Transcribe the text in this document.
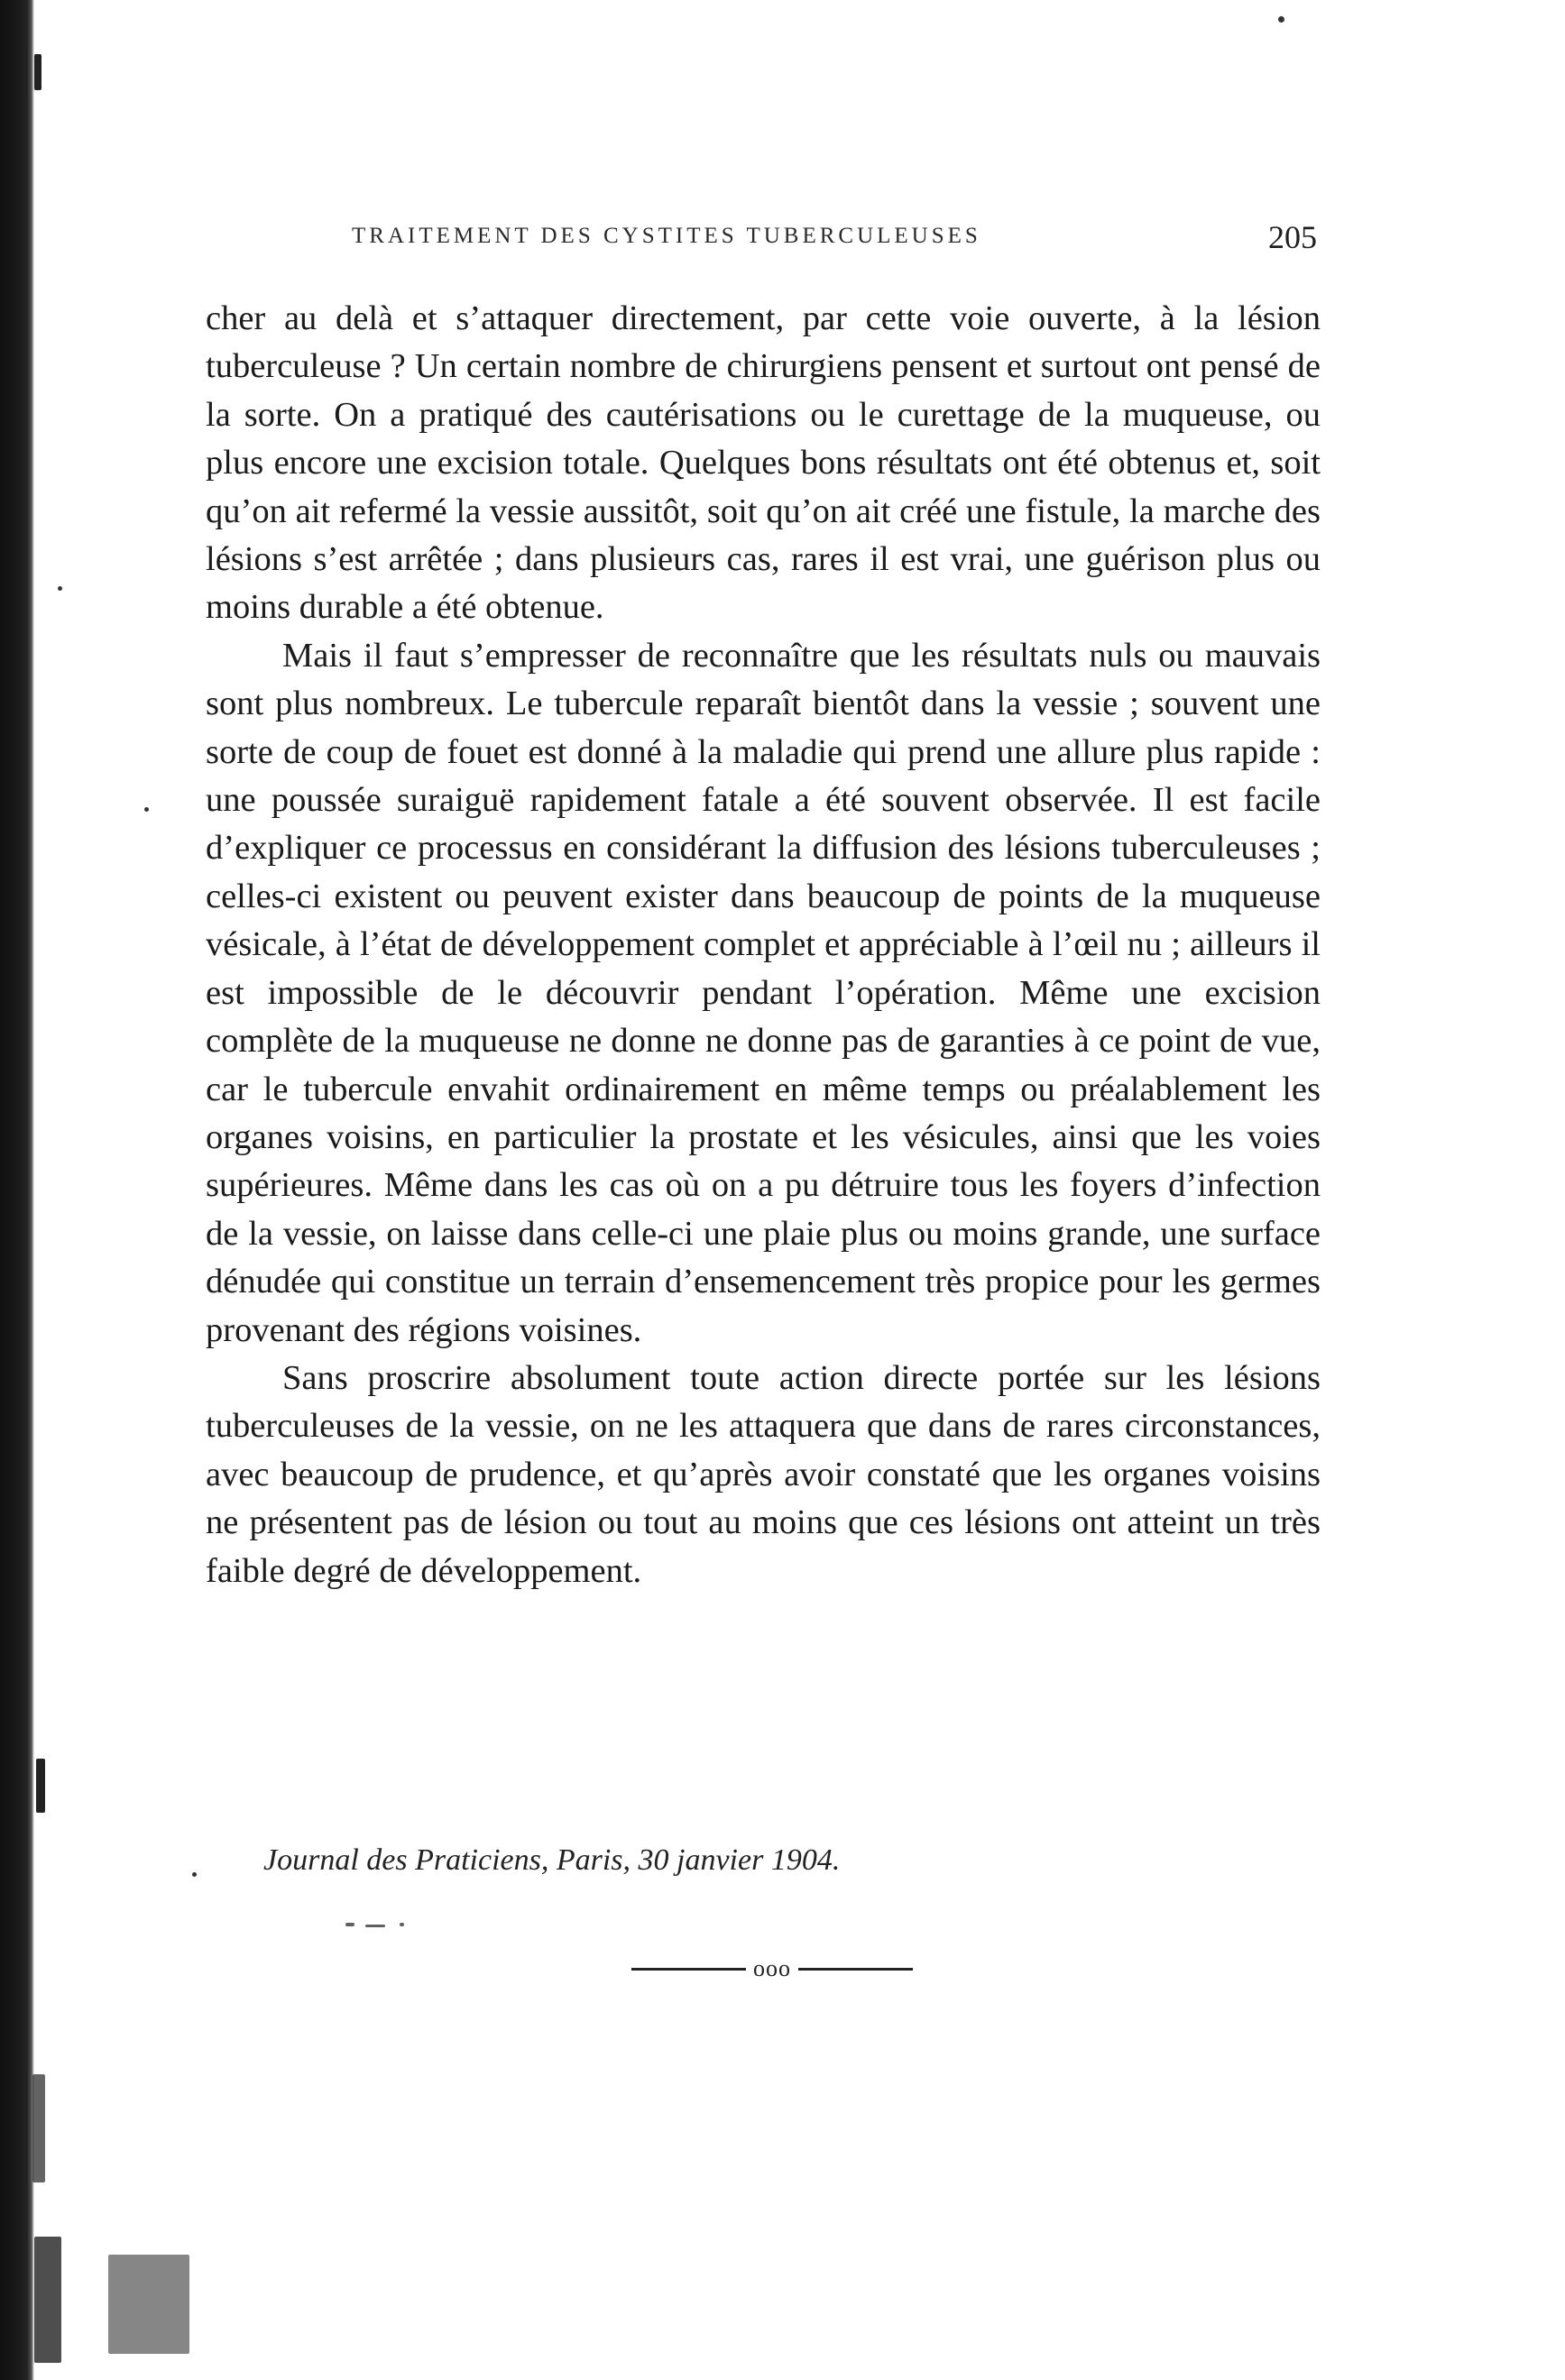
TRAITEMENT DES CYSTITES TUBERCULEUSES	205

cher au delà et s’attaquer directement, par cette voie ouverte, à la lésion tuberculeuse ? Un certain nombre de chirurgiens pensent et surtout ont pensé de la sorte. On a pratiqué des cautérisations ou le curettage de la muqueuse, ou plus encore une excision totale. Quelques bons résultats ont été obtenus et, soit qu’on ait refermé la vessie aussitôt, soit qu’on ait créé une fistule, la marche des lésions s’est arrêtée ; dans plusieurs cas, rares il est vrai, une guérison plus ou moins durable a été obtenue.

Mais il faut s’empresser de reconnaître que les résultats nuls ou mauvais sont plus nombreux. Le tubercule reparaît bientôt dans la vessie ; souvent une sorte de coup de fouet est donné à la maladie qui prend une allure plus rapide : une poussée suraiguë rapidement fatale a été souvent observée. Il est facile d’expliquer ce processus en considérant la diffusion des lésions tuberculeuses ; celles-ci existent ou peuvent exister dans beaucoup de points de la muqueuse vésicale, à l’état de développement complet et appréciable à l’œil nu ; ailleurs il est impossible de le découvrir pendant l’opération. Même une excision complète de la muqueuse ne donne ne donne pas de garanties à ce point de vue, car le tubercule envahit ordinairement en même temps ou préalablement les organes voisins, en particulier la prostate et les vésicules, ainsi que les voies supérieures. Même dans les cas où on a pu détruire tous les foyers d’infection de la vessie, on laisse dans celle-ci une plaie plus ou moins grande, une surface dénudée qui constitue un terrain d’ensemencement très propice pour les germes provenant des régions voisines.

Sans proscrire absolument toute action directe portée sur les lésions tuberculeuses de la vessie, on ne les attaquera que dans de rares circonstances, avec beaucoup de prudence, et qu’après avoir constaté que les organes voisins ne présentent pas de lésion ou tout au moins que ces lésions ont atteint un très faible degré de développement.

Journal des Praticiens, Paris, 30 janvier 1904.
ooo
